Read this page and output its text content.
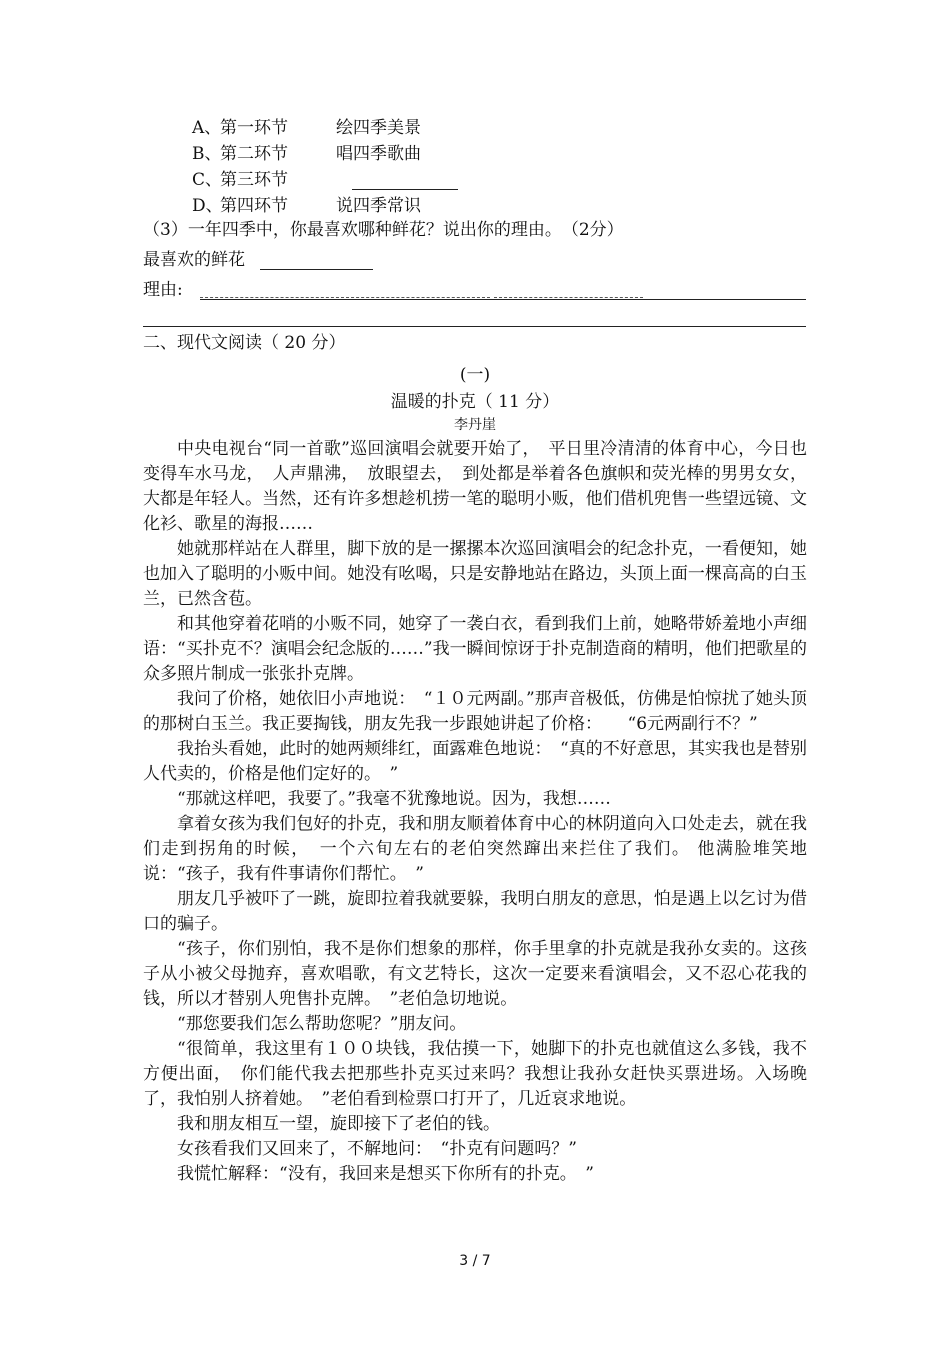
A、第一环节	绘四季美景
B、第二环节	唱四季歌曲
C、第三环节
D、第四环节	说四季常识
（3）一年四季中，你最喜欢哪种鲜花？说出你的理由。　（2分）
最喜欢的鲜花
理由:
二、现代文阅读（ 20 分）
(一)
温暖的扑克（ 11 分）
李丹崖

中央电视台“同一首歌”巡回演唱会就要开始了，　平日里冷清清的体育中心，今日也变得车水马龙，　人声鼎沸，　放眼望去，　到处都是举着各色旗帜和荧光棒的男男女女，大都是年轻人。当然，还有许多想趁机捞一笔的聪明小贩，他们借机兜售一些望远镜、文化衫、歌星的海报……

她就那样站在人群里，脚下放的是一摞摞本次巡回演唱会的纪念扑克，一看便知，她也加入了聪明的小贩中间。她没有吆喝，只是安静地站在路边，头顶上面一棵高高的白玉兰，已然含苞。

和其他穿着花哨的小贩不同，她穿了一袭白衣，看到我们上前，她略带娇羞地小声细语：“买扑克不？演唱会纪念版的……”我一瞬间惊讶于扑克制造商的精明，他们把歌星的众多照片制成一张张扑克牌。

我问了价格，她依旧小声地说：　“１０元两副。”那声音极低，仿佛是怕惊扰了她头顶的那树白玉兰。我正要掏钱，朋友先我一步跟她讲起了价格：　　“6元两副行不？”

我抬头看她，此时的她两颊绯红，面露难色地说：　“真的不好意思，其实我也是替别人代卖的，价格是他们定好的。　”

“那就这样吧，我要了。”我毫不犹豫地说。因为，我想……

拿着女孩为我们包好的扑克，我和朋友顺着体育中心的林阴道向入口处走去，就在我们走到拐角的时候，　一个六旬左右的老伯突然蹿出来拦住了我们。 他满脸堆笑地说：“孩子，我有件事请你们帮忙。　”

朋友几乎被吓了一跳，旋即拉着我就要躲，我明白朋友的意思，怕是遇上以乞讨为借口的骗子。

“孩子，你们别怕，我不是你们想象的那样，你手里拿的扑克就是我孙女卖的。这孩子从小被父母抛弃，喜欢唱歌，有文艺特长，这次一定要来看演唱会，又不忍心花我的钱，所以才替别人兜售扑克牌。　”老伯急切地说。

“那您要我们怎么帮助您呢？”朋友问。

“很简单，我这里有１００块钱，我估摸一下，她脚下的扑克也就值这么多钱，我不方便出面，　你们能代我去把那些扑克买过来吗？我想让我孙女赶快买票进场。入场晚了，我怕别人挤着她。　”老伯看到检票口打开了，几近哀求地说。

我和朋友相互一望，旋即接下了老伯的钱。

女孩看我们又回来了，不解地问：　“扑克有问题吗？”

我慌忙解释：“没有，我回来是想买下你所有的扑克。　”

3 / 7
